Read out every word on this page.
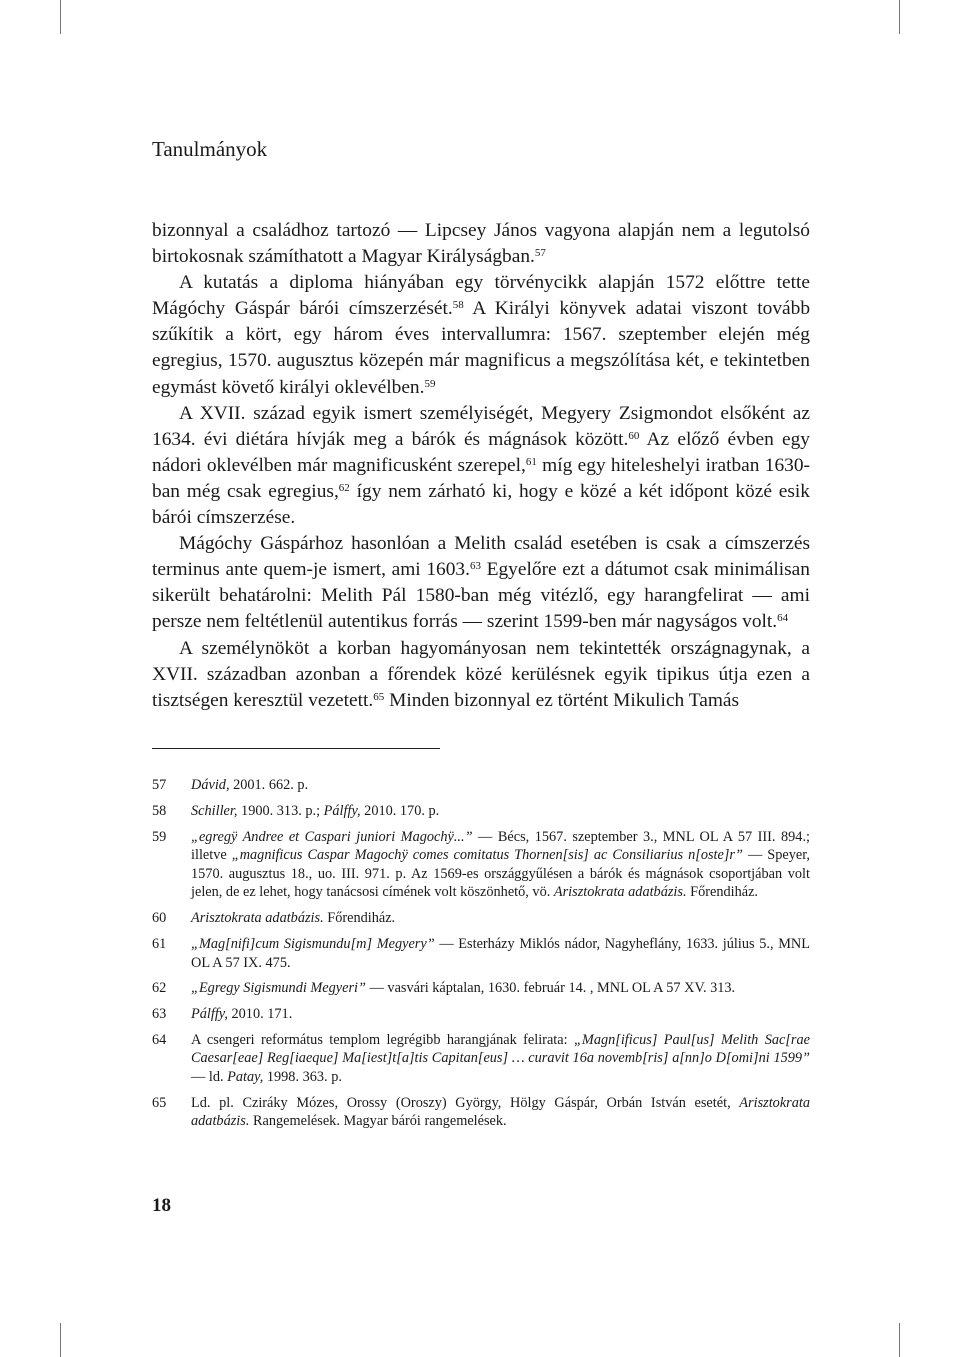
Tanulmányok

bizonnyal a családhoz tartozó — Lipcsey János vagyona alapján nem a legutolsó birtokosnak számíthatott a Magyar Királyságban.$^{57}$

A kutatás a diploma hiányában egy törvénycikk alapján 1572 előttre tette Mágóchy Gáspár bárói címszerzését.$^{58}$ A Királyi könyvek adatai viszont tovább szűkítik a kört, egy három éves intervallumra: 1567. szeptember elején még egregius, 1570. augusztus közepén már magnificus a megszólítása két, e tekintetben egymást követő királyi oklevélben.$^{59}$

A XVII. század egyik ismert személyiségét, Megyery Zsigmondot elsőként az 1634. évi diétára hívják meg a bárók és mágnások között.$^{60}$ Az előző évben egy nádori oklevélben már magnificusként szerepel,$^{61}$ míg egy hiteleshelyi iratban 1630-ban még csak egregius,$^{62}$ így nem zárható ki, hogy e közé a két időpont közé esik bárói címszerzése.

Mágóchy Gáspárhoz hasonlóan a Melith család esetében is csak a címszerzés terminus ante quem-je ismert, ami 1603.63 Egyelőre ezt a dátumot csak minimálisan sikerült behatárolni: Melith Pál 1580-ban még vitézlő, egy harangfelirat — ami persze nem feltétlenül autentikus forrás — szerint 1599-ben már nagyságos volt.$^{64}$

A személynököt a korban hagyományosan nem tekintették országnagynak, a XVII. században azonban a főrendek közé kerülésnek egyik tipikus útja ezen a tisztségen keresztül vezetett.$^{65}$ Minden bizonnyal ez történt Mikulich Tamás

57	Dávid, 2001. 662. p.
58	Schiller, 1900. 313. p.; Pálffy, 2010. 170. p.
59	„egregÿ Andree et Caspari juniori Magochÿ...” — Bécs, 1567. szeptember 3., MNL OL A 57 III. 894.; illetve „magnificus Caspar Magochÿ comes comitatus Thornen[sis] ac Consiliarius n[oste]r” — Speyer, 1570. augusztus 18., uo. III. 971. p. Az 1569-es országgyűlésen a bárók és mágnások csoportjában volt jelen, de ez lehet, hogy tanácsosi címének volt köszönhető, vö. Arisztokrata adatbázis. Főrendiház.
60	Arisztokrata adatbázis. Főrendiház.
61	„Mag[nifi]cum Sigismundu[m] Megyery” — Esterházy Miklós nádor, Nagyheflány, 1633. július 5., MNL OL A 57 IX. 475.
62	„Egregy Sigismundi Megyeri” — vasvári káptalan, 1630. február 14. , MNL OL A 57 XV. 313.
63	Pálffy, 2010. 171.
64	A csengeri református templom legrégibb harangjának felirata: „Magn[ificus] Paul[us] Melith Sac[rae Caesar[eae] Reg[iaeque] Ma[iest]t[a]tis Capitan[eus] … curavit 16a novemb[ris] a[nn]o D[omi]ni 1599” — ld. Patay, 1998. 363. p.
65	Ld. pl. Cziráky Mózes, Orossy (Oroszy) György, Hölgy Gáspár, Orbán István esetét, Arisztokrata adatbázis. Rangemelések. Magyar bárói rangemelések.
18
